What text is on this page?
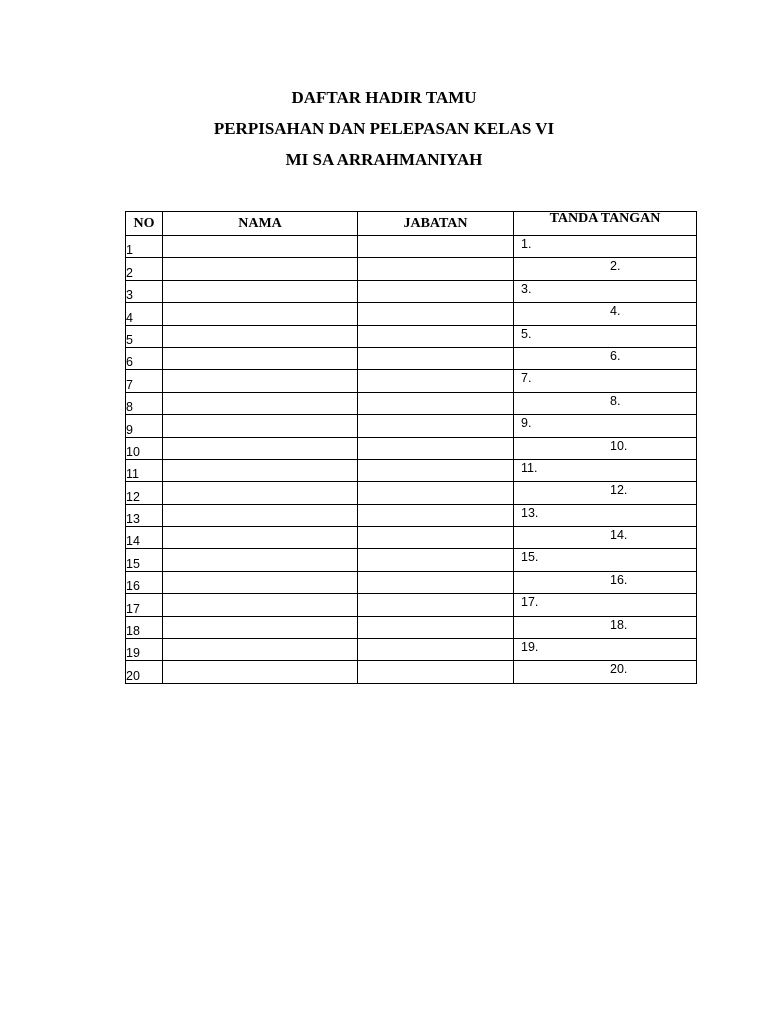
DAFTAR HADIR TAMU
PERPISAHAN DAN PELEPASAN KELAS VI
MI SA ARRAHMANIYAH
NO	NAMA	JABATAN	TANDA TANGAN
1			1.

2			2.

3			3.

4			4.

5			5.

6			6.

7			7.

8			8.

9			9.

10			10.

11			11.

12			12.

13			13.

14			14.

15			15.

16			16.

17			17.

18			18.

19			19.

20			20.
